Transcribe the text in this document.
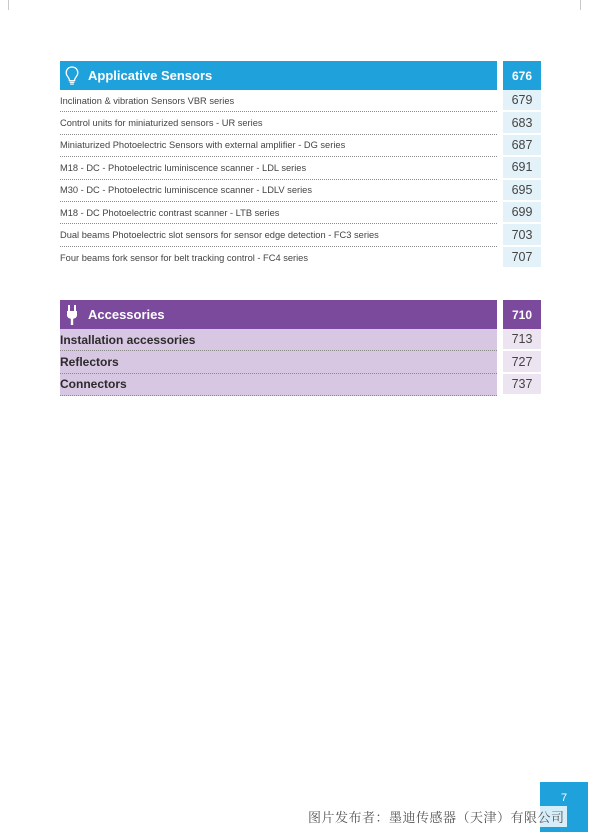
Applicative Sensors	676
Inclination & vibration Sensors VBR series	679
Control units for miniaturized sensors - UR series	683
Miniaturized Photoelectric Sensors with external amplifier - DG series	687
M18 - DC - Photoelectric luminiscence scanner - LDL series	691
M30 - DC - Photoelectric luminiscence scanner - LDLV series	695
M18 - DC Photoelectric contrast scanner - LTB series	699
Dual beams Photoelectric slot sensors for sensor edge detection - FC3 series	703
Four beams fork sensor for belt tracking control - FC4 series	707
Accessories	710
Installation accessories	713
Reflectors	727
Connectors	737
7
图片发布者：墨迪传感器（天津）有限公司
